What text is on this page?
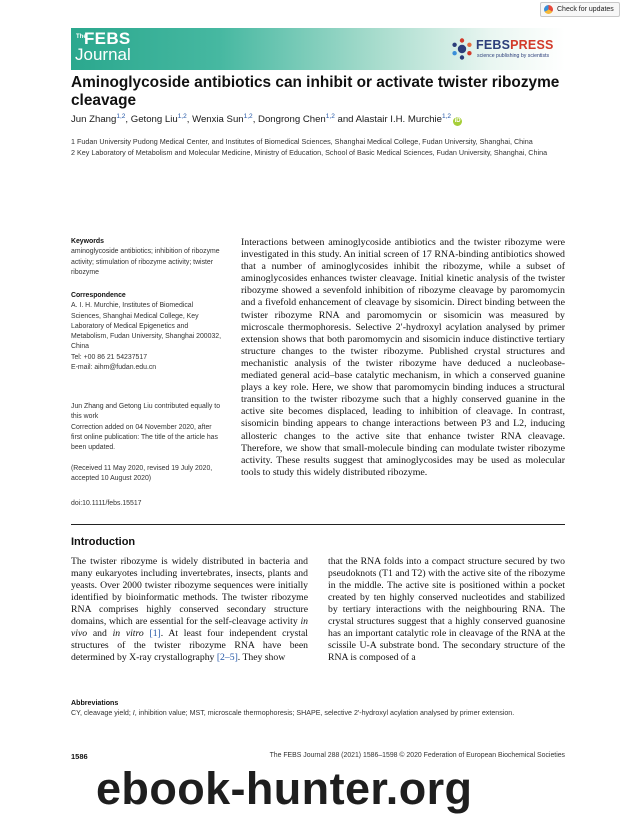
Check for updates
The
FEBS
Journal	FEBSPRESS
science publishing by scientists
Aminoglycoside antibiotics can inhibit or activate twister ribozyme cleavage
Jun Zhang$^{1,2}$, Getong Liu$^{1,2}$, Wenxia Sun$^{1,2}$, Dongrong Chen$^{1,2}$ and Alastair I.H. Murchie$^{1,2}$iD

1 Fudan University Pudong Medical Center, and Institutes of Biomedical Sciences, Shanghai Medical College, Fudan University, Shanghai, China

2 Key Laboratory of Metabolism and Molecular Medicine, Ministry of Education, School of Basic Medical Sciences, Fudan University, Shanghai, China

Keywords

aminoglycoside antibiotics; inhibition of ribozyme activity; stimulation of ribozyme activity; twister ribozyme

Correspondence

A. I. H. Murchie, Institutes of Biomedical Sciences, Shanghai Medical College, Key Laboratory of Medical Epigenetics and Metabolism, Fudan University, Shanghai 200032, China

Tel: +00 86 21 54237517

E-mail: aihm@fudan.edu.cn

Jun Zhang and Getong Liu contributed equally to this work

Correction added on 04 November 2020, after first online publication: The title of the article has been updated.

(Received 11 May 2020, revised 19 July 2020, accepted 10 August 2020)
doi:10.1111/febs.15517

Interactions between aminoglycoside antibiotics and the twister ribozyme were investigated in this study. An initial screen of 17 RNA-binding antibiotics showed that a number of aminoglycosides inhibit the ribozyme, while a subset of aminoglycosides enhances twister cleavage. Initial kinetic analysis of the twister ribozyme showed a sevenfold inhibition of ribozyme cleavage by paromomycin and a fivefold enhancement of cleavage by sisomicin. Direct binding between the twister ribozyme RNA and paromomycin or sisomicin was measured by microscale thermophoresis. Selective 2′-hydroxyl acylation analysed by primer extension shows that both paromomycin and sisomicin induce distinctive tertiary structure changes to the twister ribozyme. Published crystal structures and mechanistic analysis of the twister ribozyme have deduced a nucleobase-mediated general acid–base catalytic mechanism, in which a conserved guanine plays a key role. Here, we show that paromomycin binding induces a structural transition to the twister ribozyme such that a highly conserved guanine in the active site becomes displaced, leading to inhibition of cleavage. In contrast, sisomicin binding appears to change interactions between P3 and L2, inducing allosteric changes to the active site that enhance twister RNA cleavage. Therefore, we show that small-molecule binding can modulate twister ribozyme activity. These results suggest that aminoglycosides may be used as molecular tools to study this widely distributed ribozyme.

Introduction

The twister ribozyme is widely distributed in bacteria and many eukaryotes including invertebrates, insects, plants and yeasts. Over 2000 twister ribozyme sequences were initially identified by bioinformatic methods. The twister ribozyme RNA comprises highly conserved secondary structure domains, which are essential for the self-cleavage activity in vivo and in vitro [1]. At least four independent crystal structures of the twister ribozyme RNA have been determined by X-ray crystallography [2–5]. They show

that the RNA folds into a compact structure secured by two pseudoknots (T1 and T2) with the active site of the ribozyme in the middle. The active site is positioned within a pocket created by ten highly conserved nucleotides and stabilized by tertiary interactions with the neighbouring RNA. The crystal structures suggest that a highly conserved guanosine has an important catalytic role in cleavage of the RNA at the scissile U-A substrate bond. The secondary structure of the RNA is composed of a

Abbreviations
CY, cleavage yield; I, inhibition value; MST, microscale thermophoresis; SHAPE, selective 2′-hydroxyl acylation analysed by primer extension.
1586	The FEBS Journal 288 (2021) 1586–1598 © 2020 Federation of European Biochemical Societies
ebook-hunter.org
